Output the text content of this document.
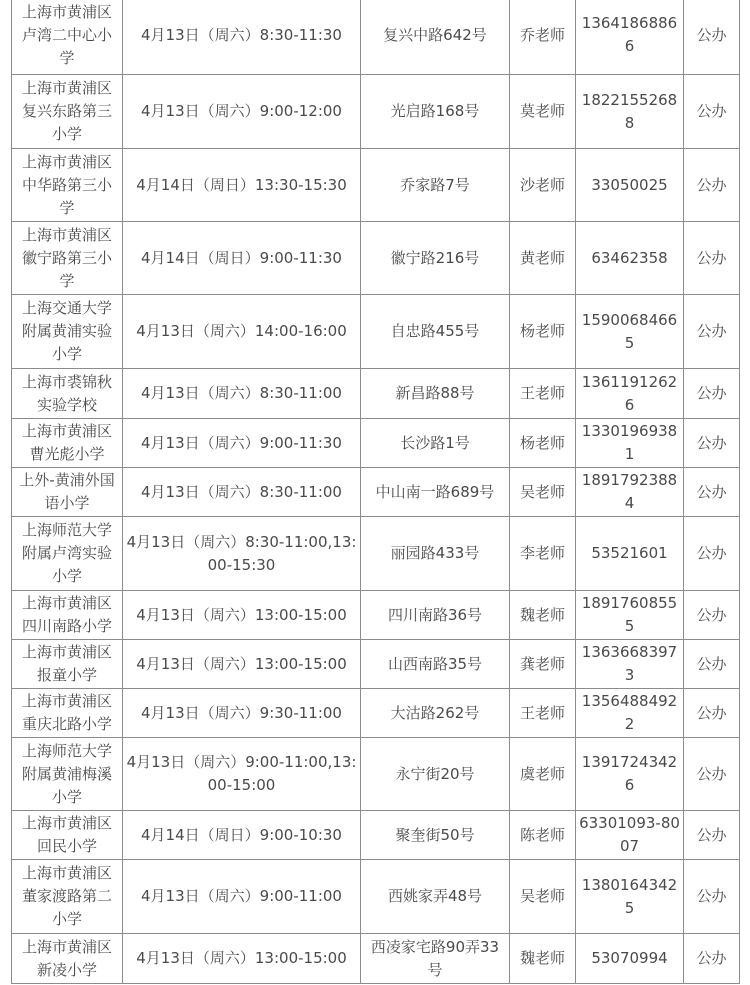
上海市黄浦区卢湾二中心小学	4月13日（周六）8:30-11:30	复兴中路642号	乔老师	13641868866	公办
上海市黄浦区复兴东路第三小学	4月13日（周六）9:00-12:00	光启路168号	莫老师	18221552688	公办
上海市黄浦区中华路第三小学	4月14日（周日）13:30-15:30	乔家路7号	沙老师	33050025	公办
上海市黄浦区徽宁路第三小学	4月14日（周日）9:00-11:30	徽宁路216号	黄老师	63462358	公办
上海交通大学附属黄浦实验小学	4月13日（周六）14:00-16:00	自忠路455号	杨老师	15900684665	公办
上海市裘锦秋实验学校	4月13日（周六）8:30-11:00	新昌路88号	王老师	13611912626	公办
上海市黄浦区曹光彪小学	4月13日（周六）9:00-11:30	长沙路1号	杨老师	13301969381	公办
上外-黄浦外国语小学	4月13日（周六）8:30-11:00	中山南一路689号	吴老师	18917923884	公办
上海师范大学附属卢湾实验小学	4月13日（周六）8:30-11:00,13:00-15:30	丽园路433号	李老师	53521601	公办
上海市黄浦区四川南路小学	4月13日（周六）13:00-15:00	四川南路36号	魏老师	18917608555	公办
上海市黄浦区报童小学	4月13日（周六）13:00-15:00	山西南路35号	龚老师	13636683973	公办
上海市黄浦区重庆北路小学	4月13日（周六）9:30-11:00	大沽路262号	王老师	13564884922	公办
上海师范大学附属黄浦梅溪小学	4月13日（周六）9:00-11:00,13:00-15:00	永宁街20号	虞老师	13917243426	公办
上海市黄浦区回民小学	4月14日（周日）9:00-10:30	聚奎街50号	陈老师	63301093-8007	公办
上海市黄浦区董家渡路第二小学	4月13日（周六）9:00-11:00	西姚家弄48号	吴老师	13801643425	公办
上海市黄浦区新凌小学	4月13日（周六）13:00-15:00	西凌家宅路90弄33号	魏老师	53070994	公办
